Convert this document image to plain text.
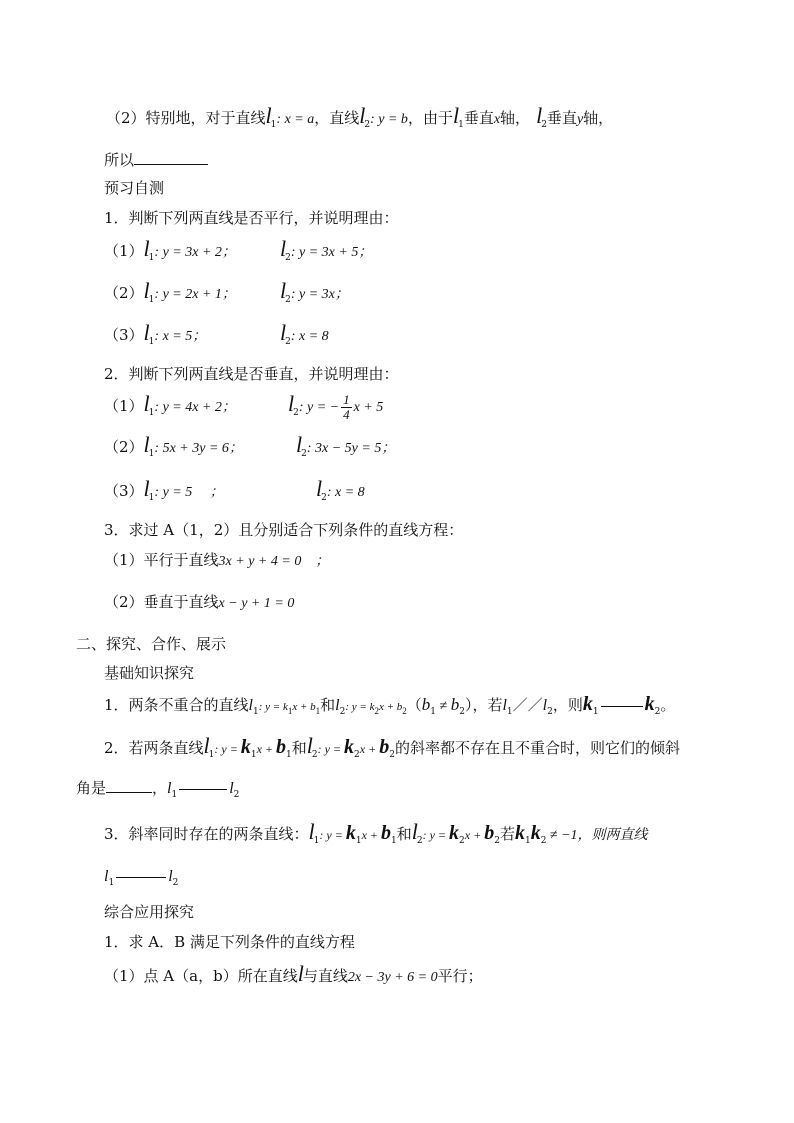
（2）特别地，对于直线$l_1$: x = a，直线$l_2$: y = b，由于$l_1$垂直x轴， $l_2$垂直y轴，
所以
预习自测
1．判断下列两直线是否平行，并说明理由：
$(1)l_1$: y = 3x + 2； $l_2$: y = 3x + 5；
$(2)l_1$: y = 2x + 1； $l_2$: y = 3x；
$(3)l_1$: x = 5；	$l_2$: x = 8
2．判断下列两直线是否垂直，并说明理由：
$(1)l_1$: y = 4x + 2； $l_2$: y = − $\frac{1}{4}$ x + 5
$(2)l_1$: 5x + 3y = 6； $l_2$: 3x − 5y = 5；
$(3)l_1$: y = 5　 ；	$l_2$: x = 8
3．求过 A（1，2）且分别适合下列条件的直线方程：
（1）平行于直线3x + y + 4 = 0　；
（2）垂直于直线x − y + 1 = 0
二、探究、合作、展示
基础知识探究
1．两条不重合的直线$l_1$: $y = k_1x + b_1$和$l_2$: $y = k_2x + b_2(b_1 \ne b_2)$，若$l_1//l_2$，则$k_1$ $k_2$。
2．若两条直线$l_1$: $y = k_1x + b_1$和$l_2$: $y = k_2x + b_2$的斜率都不存在且不重合时，则它们的倾斜
角是	，$l_1$	$l_2$
3．斜率同时存在的两条直线：$l_1$: $y = k_1x + b_1$和$l_2$: $y = k_2x + b_2$若$k_1k_2 \ne -1$，则两直线
$l_1$	$l_2$
综合应用探究
1．求 A．B 满足下列条件的直线方程
（1）点 A（a，b）所在直线l与直线2x − 3y + 6 = 0平行；
